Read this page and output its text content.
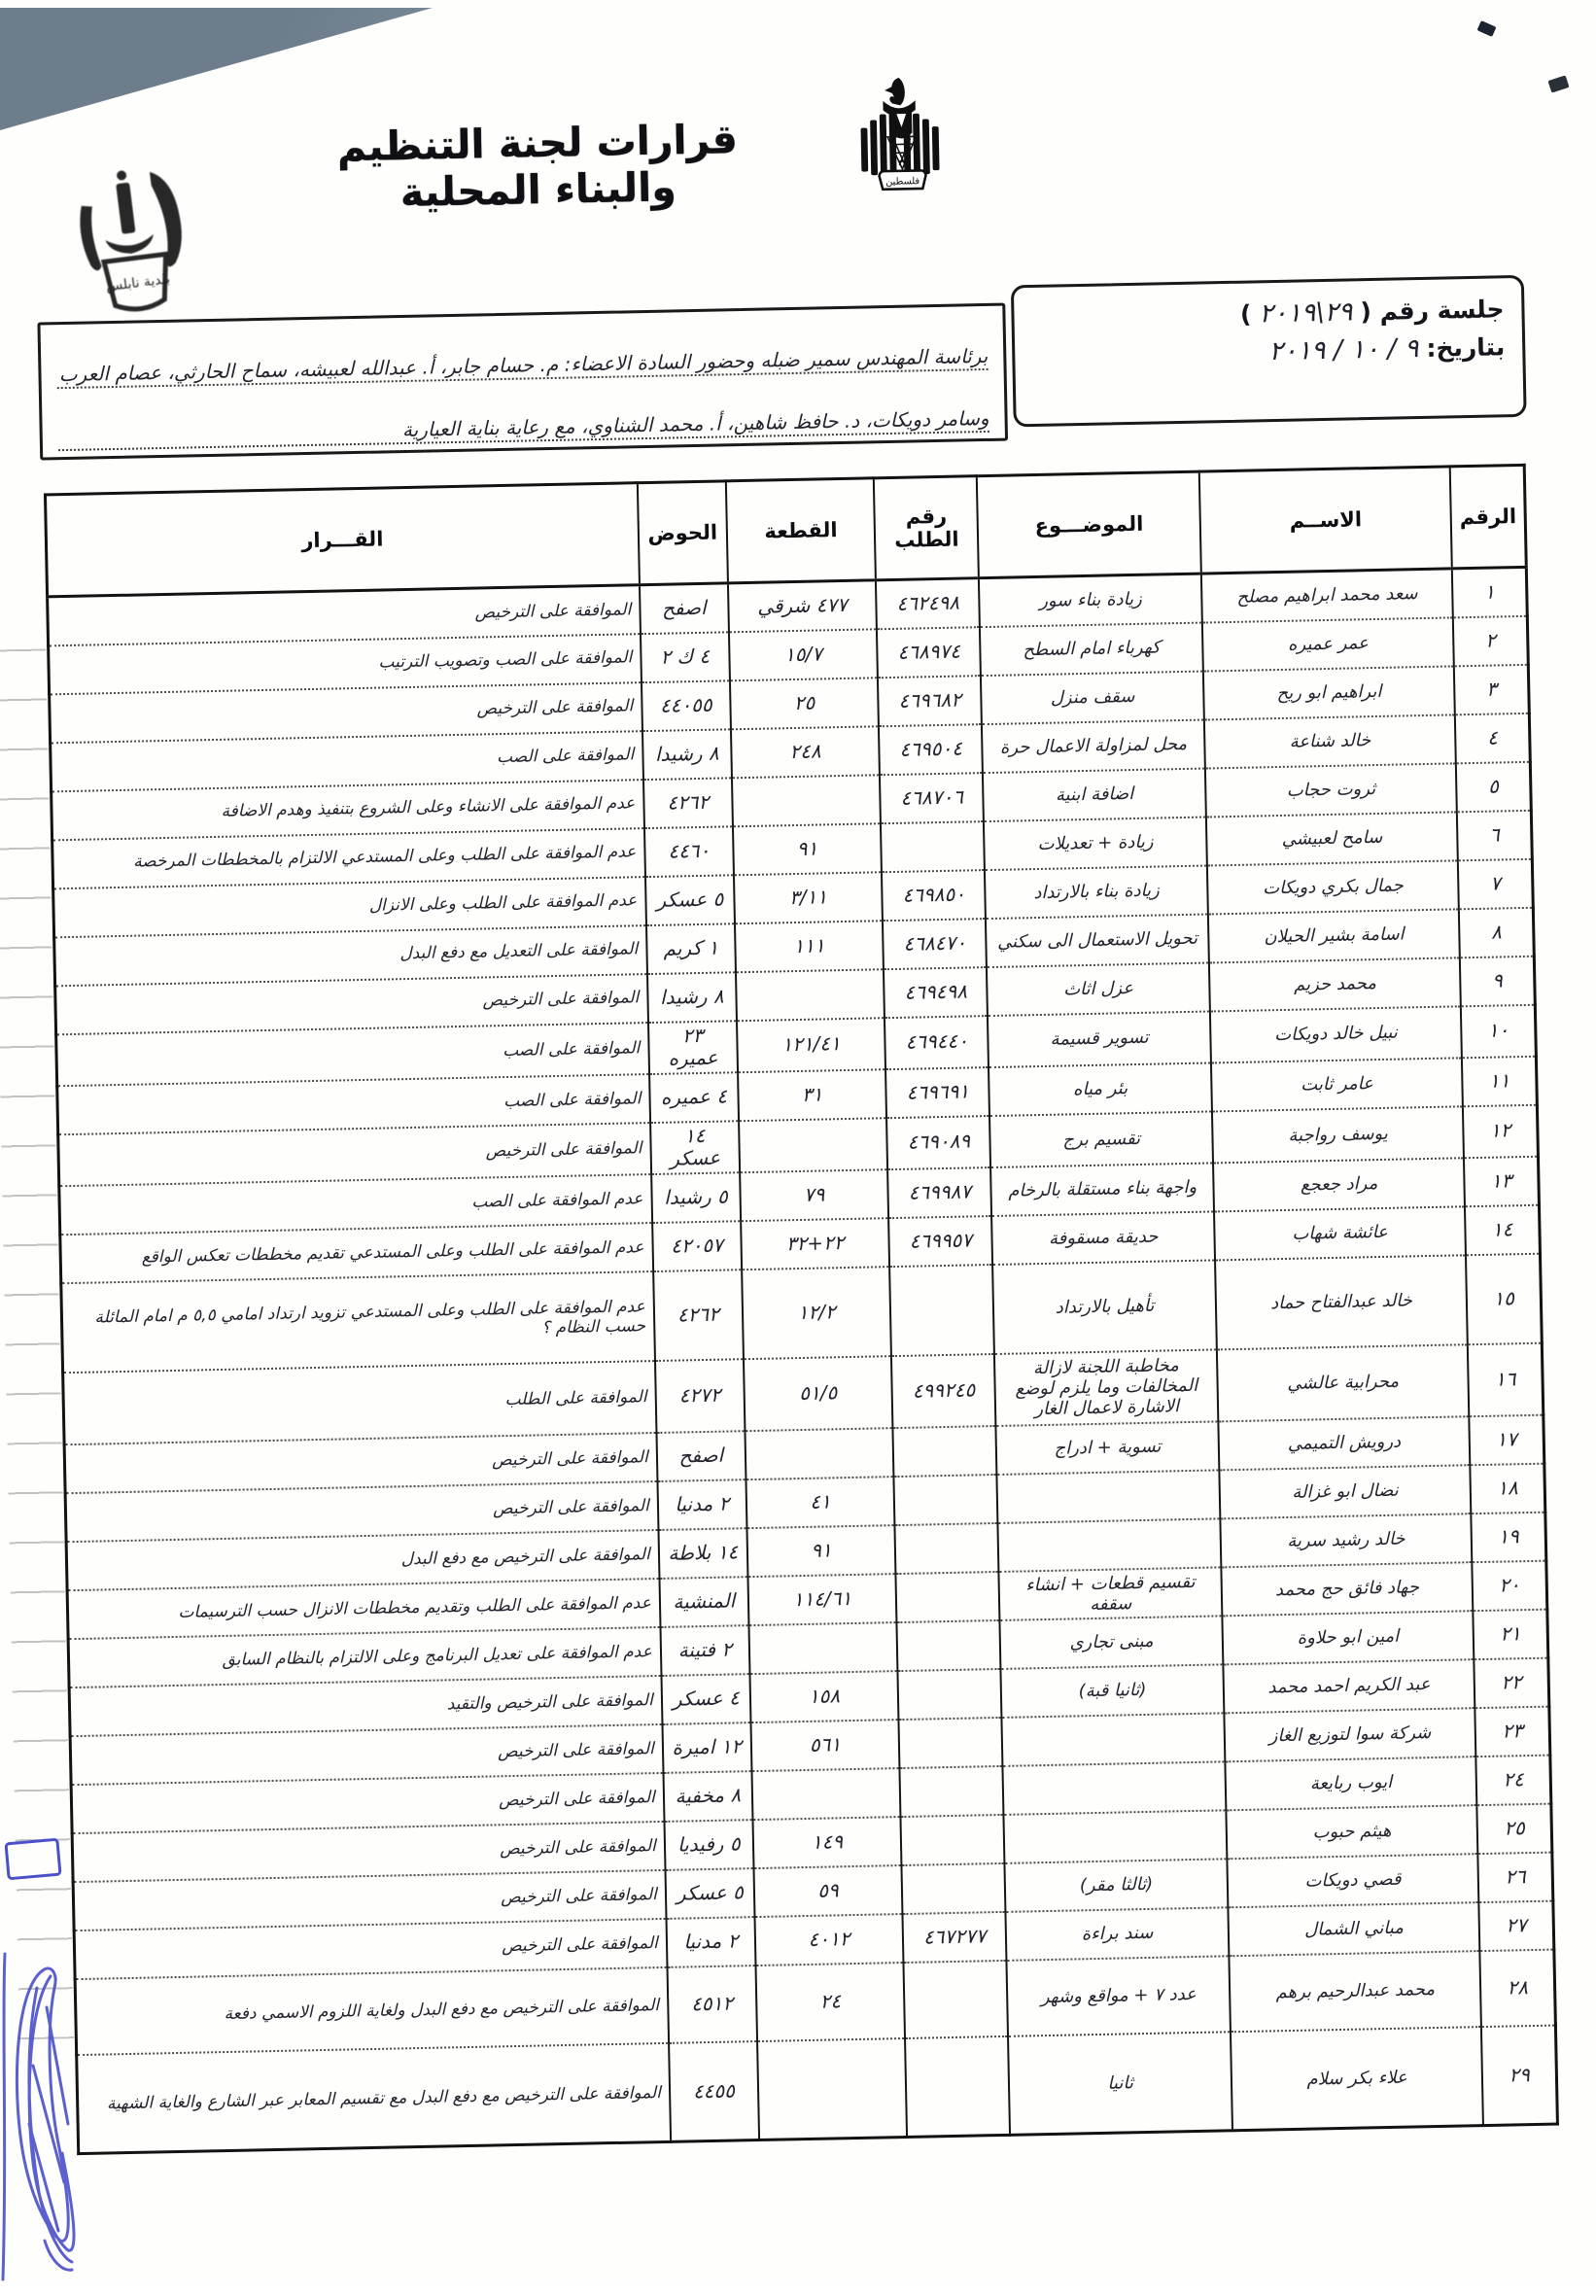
بلدية نابلس
قرارات لجنة التنظيم والبناء المحلية	فلسطين
جلسة رقم (
٢٩\٢٠١٩
)
بتاريخ:
٩ / ١٠ / ٢٠١٩
برئاسة المهندس سمير ضبله وحضور السادة الاعضاء: م. حسام جابر، أ. عبدالله لعبيشه، سماح الحارثي، عصام العرب
وسامر دويكات، د. حافظ شاهين، أ. محمد الشناوي، مع رعاية بناية العيارية
الرقم	الاســم	الموضـــوع	رقم الطلب	القطعة	الحوض	القـــرار
١	سعد محمد ابراهيم مصلح	زيادة بناء سور	٤٦٢٤٩٨	٤٧٧ شرقي	اصفح	الموافقة على الترخيص
٢	عمر عميره	كهرباء امام السطح	٤٦٨٩٧٤	١٥/٧	٤ ك ٢	الموافقة على الصب وتصويب الترتيب
٣	ابراهيم ابو ريح	سقف منزل	٤٦٩٦٨٢	٢٥	٤٤٠٥٥	الموافقة على الترخيص
٤	خالد شناعة	محل لمزاولة الاعمال حرة	٤٦٩٥٠٤	٢٤٨	٨ رشيدا	الموافقة على الصب
٥	ثروت حجاب	اضافة ابنية	٤٦٨٧٠٦		٤٢٦٢	عدم الموافقة على الانشاء وعلى الشروع بتنفيذ وهدم الاضافة
٦	سامح لعبيشي	زيادة + تعديلات		٩١	٤٤٦٠	عدم الموافقة على الطلب وعلى المستدعي الالتزام بالمخططات المرخصة
٧	جمال بكري دويكات	زيادة بناء بالارتداد	٤٦٩٨٥٠	٣/١١	٥ عسكر	عدم الموافقة على الطلب وعلى الانزال
٨	اسامة بشير الحيلان	تحويل الاستعمال الى سكني	٤٦٨٤٧٠	١١١	١ كريم	الموافقة على التعديل مع دفع البدل
٩	محمد حزيم	عزل اثاث	٤٦٩٤٩٨		٨ رشيدا	الموافقة على الترخيص
١٠	نبيل خالد دويكات	تسوير قسيمة	٤٦٩٤٤٠	١٢١/٤١	٢٣ عميره	الموافقة على الصب
١١	عامر ثابت	بئر مياه	٤٦٩٦٩١	٣١	٤ عميره	الموافقة على الصب
١٢	يوسف رواجبة	تقسيم برج	٤٦٩٠٨٩		١٤ عسكر	الموافقة على الترخيص
١٣	مراد جعجع	واجهة بناء مستقلة بالرخام	٤٦٩٩٨٧	٧٩	٥ رشيدا	عدم الموافقة على الصب
١٤	عائشة شهاب	حديقة مسقوفة	٤٦٩٩٥٧	٢٢+٣٢	٤٢٠٥٧	عدم الموافقة على الطلب وعلى المستدعي تقديم مخططات تعكس الواقع
١٥	خالد عبدالفتاح حماد	تأهيل بالارتداد		١٢/٢	٤٢٦٢	عدم الموافقة على الطلب وعلى المستدعي تزويد ارتداد امامي ٥,٥ م امام المائلة حسب النظام ؟
١٦	محرابية عالشي	مخاطبة اللجنة لازالة المخالفات وما يلزم لوضع الاشارة لاعمال الغار	٤٩٩٢٤٥	٥١/٥	٤٢٧٢	الموافقة على الطلب
١٧	درويش التميمي	تسوية + ادراج			اصفح	الموافقة على الترخيص
١٨	نضال ابو غزالة			٤١	٢ مدنيا	الموافقة على الترخيص
١٩	خالد رشيد سرية			٩١	١٤ بلاطة	الموافقة على الترخيص مع دفع البدل
٢٠	جهاد فائق حج محمد	تقسيم قطعات + انشاء سقفه		١١٤/٦١	المنشية	عدم الموافقة على الطلب وتقديم مخططات الانزال حسب الترسيمات
٢١	امين ابو حلاوة	مبنى تجاري			٢ فتينة	عدم الموافقة على تعديل البرنامج وعلى الالتزام بالنظام السابق
٢٢	عبد الكريم احمد محمد	(ثانيا قبة)		١٥٨	٤ عسكر	الموافقة على الترخيص والتقيد
٢٣	شركة سوا لتوزيع الغاز			٥٦١	١٢ اميرة	الموافقة على الترخيص
٢٤	ايوب ربايعة				٨ مخفية	الموافقة على الترخيص
٢٥	هيثم حبوب			١٤٩	٥ رفيديا	الموافقة على الترخيص
٢٦	قصي دويكات	(ثالثا مقر)		٥٩	٥ عسكر	الموافقة على الترخيص
٢٧	مباني الشمال	سند براءة	٤٦٧٢٧٧	٤٠١٢	٢ مدنيا	الموافقة على الترخيص
٢٨	محمد عبدالرحيم برهم	عدد ٧ + مواقع وشهر		٢٤	٤٥١٢	الموافقة على الترخيص مع دفع البدل ولغاية اللزوم الاسمي دفعة
٢٩	علاء بكر سلام	ثانيا			٤٤٥٥	الموافقة على الترخيص مع دفع البدل مع تقسيم المعابر عبر الشارع والغاية الشهية
